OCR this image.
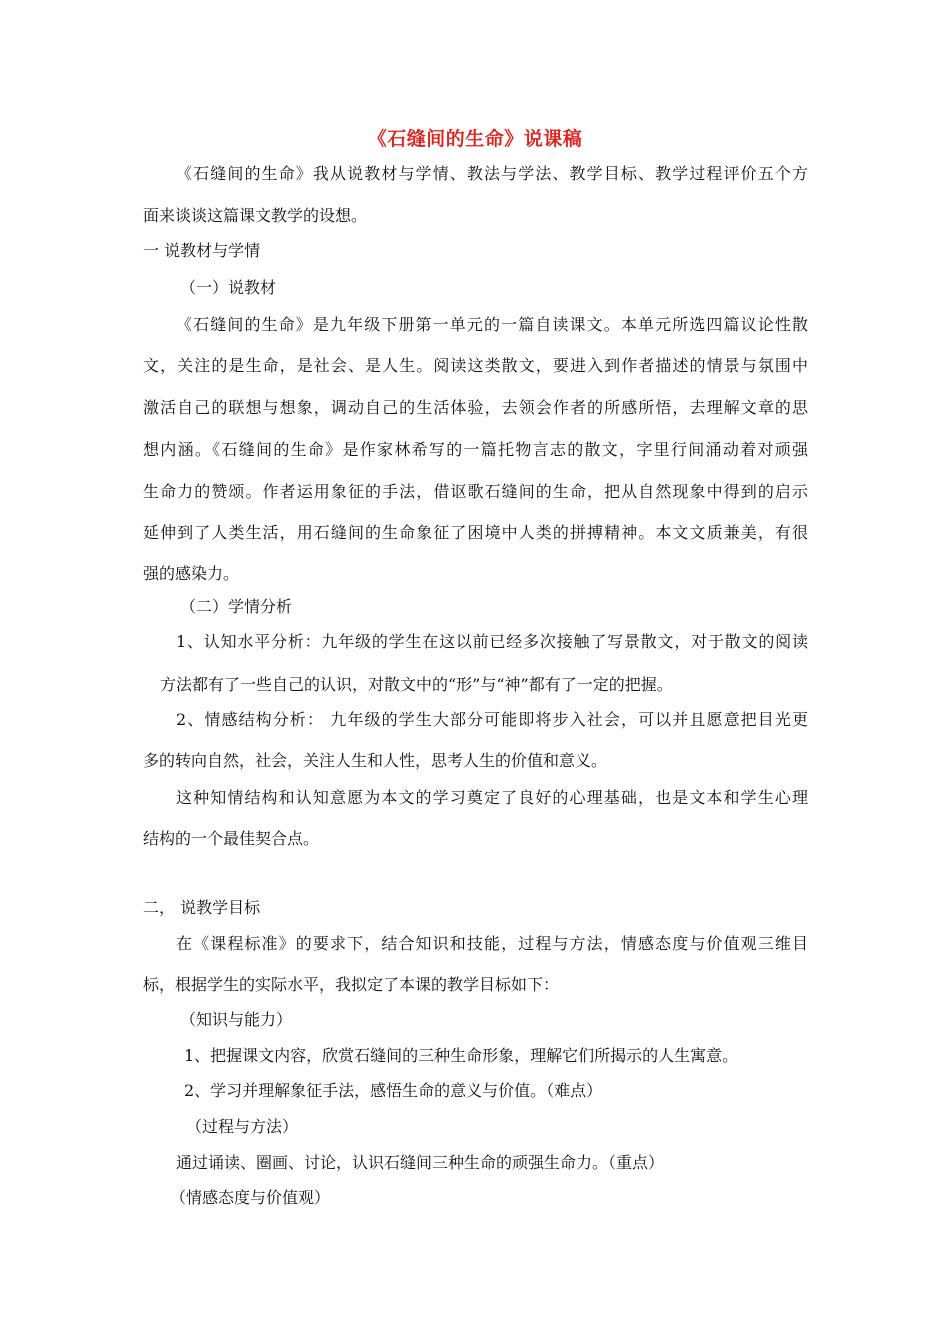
《石缝间的生命》说课稿
《石缝间的生命》我从说教材与学情、教法与学法、教学目标、教学过程评价五个方
面来谈谈这篇课文教学的设想。
一 说教材与学情
（一）说教材
《石缝间的生命》是九年级下册第一单元的一篇自读课文。本单元所选四篇议论性散
文，关注的是生命，是社会、是人生。阅读这类散文，要进入到作者描述的情景与氛围中
激活自己的联想与想象，调动自己的生活体验，去领会作者的所感所悟，去理解文章的思
想内涵。《石缝间的生命》是作家林希写的一篇托物言志的散文，字里行间涌动着对顽强
生命力的赞颂。作者运用象征的手法，借讴歌石缝间的生命，把从自然现象中得到的启示
延伸到了人类生活，用石缝间的生命象征了困境中人类的拼搏精神。本文文质兼美，有很
强的感染力。
（二）学情分析
1、认知水平分析：九年级的学生在这以前已经多次接触了写景散文，对于散文的阅读
方法都有了一些自己的认识，对散文中的“形”与“神”都有了一定的把握。
2、情感结构分析： 九年级的学生大部分可能即将步入社会，可以并且愿意把目光更
多的转向自然，社会，关注人生和人性，思考人生的价值和意义。
这种知情结构和认知意愿为本文的学习奠定了良好的心理基础，也是文本和学生心理
结构的一个最佳契合点。
二， 说教学目标
在《课程标准》的要求下，结合知识和技能，过程与方法，情感态度与价值观三维目
标，根据学生的实际水平，我拟定了本课的教学目标如下：
（知识与能力）
1、把握课文内容，欣赏石缝间的三种生命形象，理解它们所揭示的人生寓意。
2、学习并理解象征手法，感悟生命的意义与价值。（难点）
（过程与方法）
通过诵读、圈画、讨论，认识石缝间三种生命的顽强生命力。（重点）
（情感态度与价值观）
